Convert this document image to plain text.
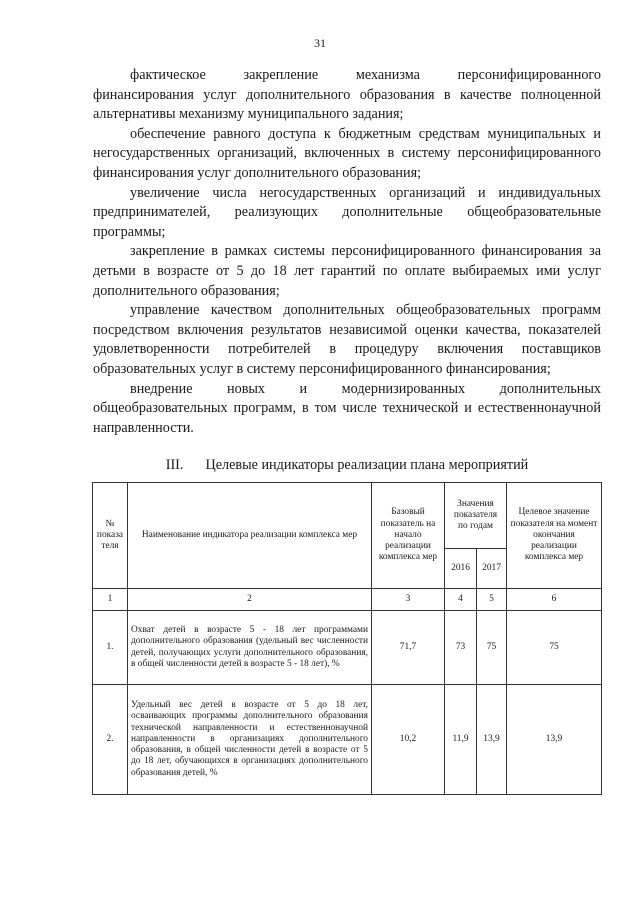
31

фактическое закрепление механизма персонифицированного финансирования услуг дополнительного образования в качестве полноценной альтернативы механизму муниципального задания;

обеспечение равного доступа к бюджетным средствам муниципальных и негосударственных организаций, включенных в систему персонифицированного финансирования услуг дополнительного образования;

увеличение числа негосударственных организаций и индивидуальных предпринимателей, реализующих дополнительные общеобразовательные программы;

закрепление в рамках системы персонифицированного финансирования за детьми в возрасте от 5 до 18 лет гарантий по оплате выбираемых ими услуг дополнительного образования;

управление качеством дополнительных общеобразовательных программ посредством включения результатов независимой оценки качества, показателей удовлетворенности потребителей в процедуру включения поставщиков образовательных услуг в систему персонифицированного финансирования;

внедрение новых и модернизированных дополнительных общеобразовательных программ, в том числе технической и естественнонаучной направленности.

III. Целевые индикаторы реализации плана мероприятий
№ показа теля	Наименование индикатора реализации комплекса мер	Базовый показатель на начало реализации комплекса мер	Значения показателя по годам		Целевое значение показателя на момент окончания реализации комплекса мер
			2016	2017	
1	2	3	4	5	6
1.	Охват детей в возрасте 5 - 18 лет программами дополнительного образования (удельный вес численности детей, получающих услуги дополнительного образования, в общей численности детей в возрасте 5 - 18 лет), %	71,7	73	75	75
2.	Удельный вес детей в возрасте от 5 до 18 лет, осваивающих программы дополнительного образования технической направленности и естественнонаучной направленности в организациях дополнительного образования, в общей численности детей в возрасте от 5 до 18 лет, обучающихся в организациях дополнительного образования детей, %	10,2	11,9	13,9	13,9
